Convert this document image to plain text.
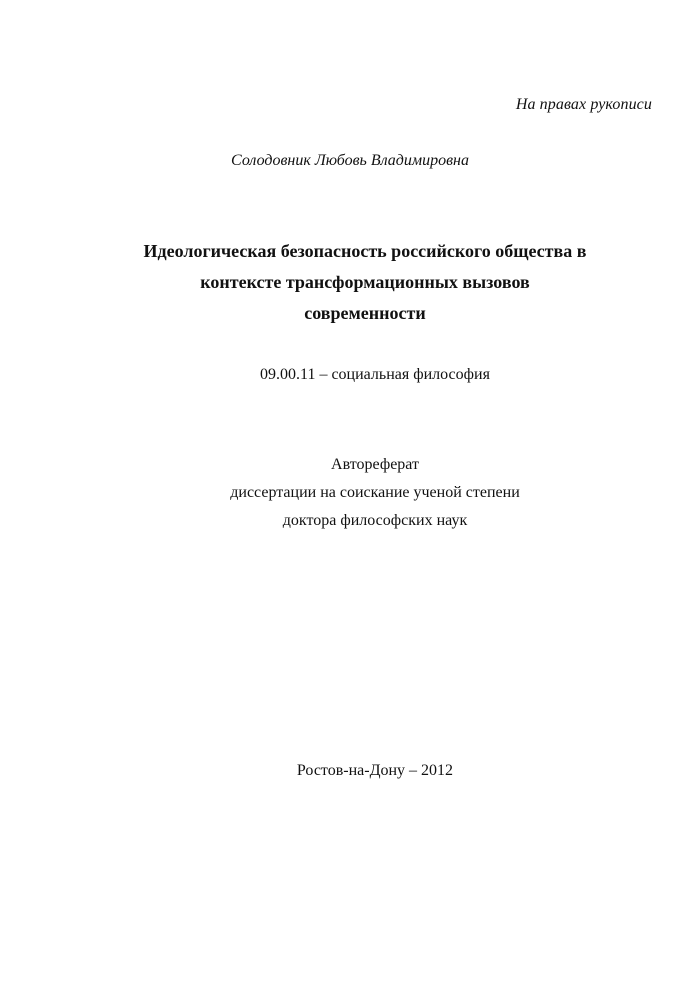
На правах рукописи
Солодовник Любовь Владимировна
Идеологическая безопасность российского общества в
контексте трансформационных вызовов
современности
09.00.11 – социальная философия
Автореферат
диссертации на соискание ученой степени
доктора философских наук
Ростов-на-Дону – 2012
